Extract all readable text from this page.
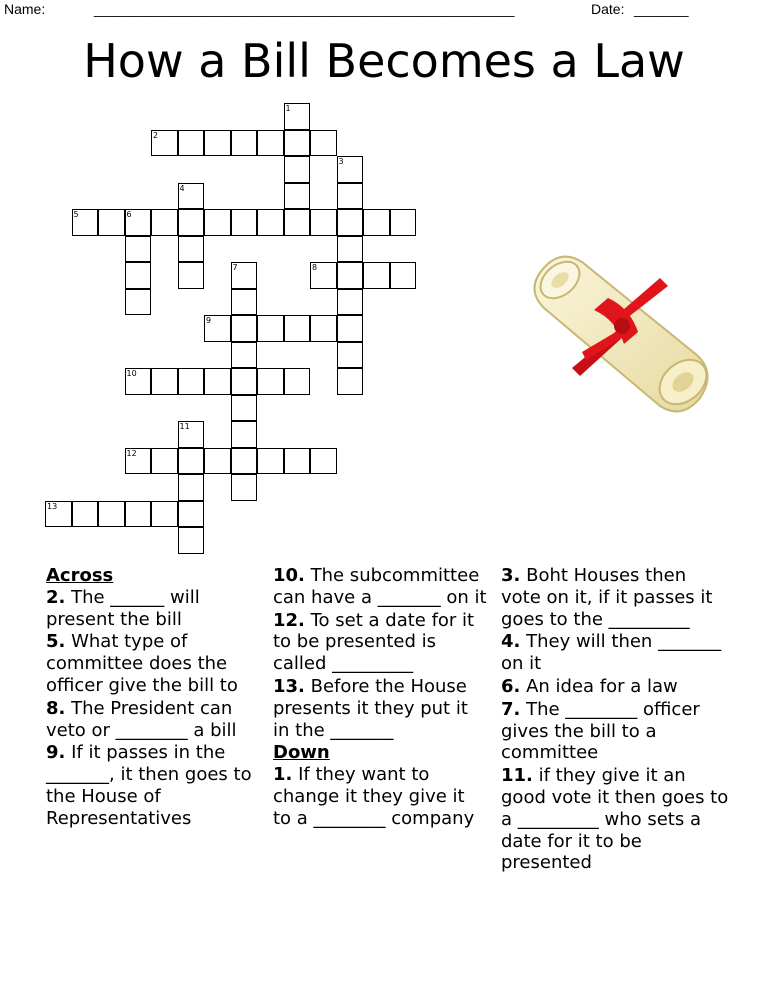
Name:	______________________________________________________	Date: _______
How a Bill Becomes a Law
1
2
3
4
5	6
7	8
9
10
11
12
13
Across
2. The ______ will present the bill
5. What type of committee does the officer give the bill to
8. The President can veto or ________ a bill
9. If it passes in the _______, it then goes to the House of Representatives
10. The subcommittee can have a _______ on it
12. To set a date for it to be presented is called _________
13. Before the House presents it they put it in the _______
Down
1. If they want to change it they give it to a ________ company
3. Boht Houses then vote on it, if it passes it goes to the _________
4. They will then _______ on it
6. An idea for a law
7. The ________ officer gives the bill to a committee
11. if they give it an good vote it then goes to a _________ who sets a date for it to be presented
